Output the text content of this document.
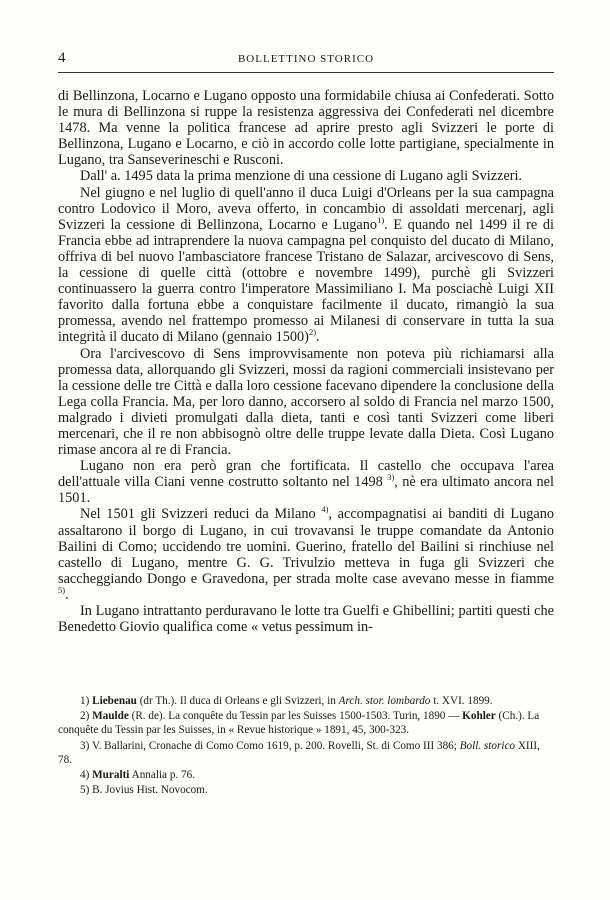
4	BOLLETTINO STORICO

di Bellinzona, Locarno e Lugano opposto una formidabile chiusa ai Confederati. Sotto le mura di Bellinzona si ruppe la resistenza aggressiva dei Confederati nel dicembre 1478. Ma venne la politica francese ad aprire presto agli Svizzeri le porte di Bellinzona, Lugano e Locarno, e ciò in accordo colle lotte partigiane, specialmente in Lugano, tra Sanseverineschi e Rusconi.

Dall' a. 1495 data la prima menzione di una cessione di Lugano agli Svizzeri.

Nel giugno e nel luglio di quell'anno il duca Luigi d'Orleans per la sua campagna contro Lodovico il Moro, aveva offerto, in concambio di assoldati mercenarj, agli Svizzeri la cessione di Bellinzona, Locarno e Lugano$^{1)}$. E quando nel 1499 il re di Francia ebbe ad intraprendere la nuova campagna pel conquisto del ducato di Milano, offriva di bel nuovo l'ambasciatore francese Tristano de Salazar, arcivescovo di Sens, la cessione di quelle città (ottobre e novembre 1499), purchè gli Svizzeri continuassero la guerra contro l'imperatore Massimiliano I. Ma posciachè Luigi XII favorito dalla fortuna ebbe a conquistare facilmente il ducato, rimangiò la sua promessa, avendo nel frattempo promesso ai Milanesi di conservare in tutta la sua integrità il ducato di Milano (gennaio 1500)$^{2)}$.

Ora l'arcivescovo di Sens improvvisamente non poteva più richiamarsi alla promessa data, allorquando gli Svizzeri, mossi da ragioni commerciali insistevano per la cessione delle tre Città e dalla loro cessione facevano dipendere la conclusione della Lega colla Francia. Ma, per loro danno, accorsero al soldo di Francia nel marzo 1500, malgrado i divieti promulgati dalla dieta, tanti e così tanti Svizzeri come liberi mercenari, che il re non abbisognò oltre delle truppe levate dalla Dieta. Così Lugano rimase ancora al re di Francia.

Lugano non era però gran che fortificata. Il castello che occupava l'area dell'attuale villa Ciani venne costrutto soltanto nel 1498 $^{3)}$, nè era ultimato ancora nel 1501.

Nel 1501 gli Svizzeri reduci da Milano $^{4)}$, accompagnatisi ai banditi di Lugano assaltarono il borgo di Lugano, in cui trovavansi le truppe comandate da Antonio Bailini di Como; uccidendo tre uomini. Guerino, fratello del Bailini si rinchiuse nel castello di Lugano, mentre G. G. Trivulzio metteva in fuga gli Svizzeri che saccheggiando Dongo e Gravedona, per strada molte case avevano messe in fiamme $^{5)}$.

In Lugano intrattanto perduravano le lotte tra Guelfi e Ghibellini; partiti questi che Benedetto Giovio qualifica come « vetus pessimum in-

1) Liebenau (dr Th.). Il duca di Orleans e gli Svizzeri, in Arch. stor. lombardo t. XVI. 1899.
2) Maulde (R. de). La conquête du Tessin par les Suisses 1500-1503. Turin, 1890 — Kohler (Ch.). La conquête du Tessin par les Suisses, in « Revue historique » 1891, 45, 300-323.
3) V. Ballarini, Cronache di Como Como 1619, p. 200. Rovelli, St. di Como III 386; Boll. storico XIII, 78.
4) Muralti Annalia p. 76.
5) B. Jovius Hist. Novocom.
